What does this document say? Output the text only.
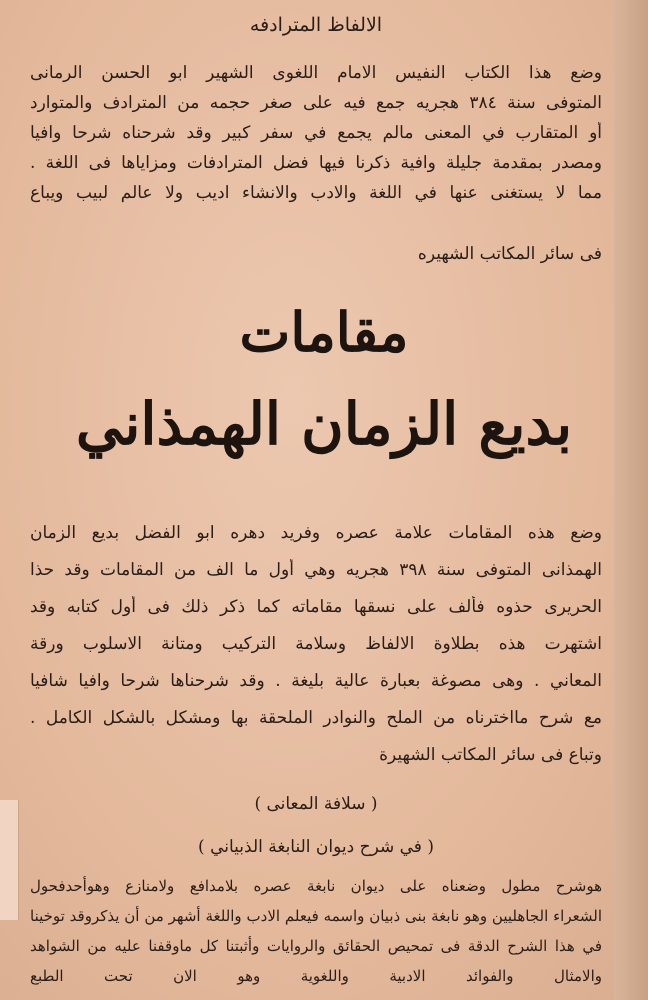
الالفاظ المترادفه
وضع هذا الكتاب النفيس الامام اللغوى الشهير ابو الحسن الرمانى
المتوفى سنة ٣٨٤ هجريه جمع فيه على صغر حجمه من المترادف والمتوارد
أو المتقارب في المعنى مالم يجمع في سفر كبير وقد شرحناه شرحا وافيا
ومصدر بمقدمة جليلة وافية ذكرنا فيها فضل المترادفات ومزاياها فى اللغة .
مما لا يستغنى عنها في اللغة والادب والانشاء اديب ولا عالم لبيب ويباع
فى سائر المكاتب الشهيره
مقامات
بديع الزمان الهمذاني
وضع هذه المقامات علامة عصره وفريد دهره ابو الفضل بديع الزمان
الهمذانى المتوفى سنة ٣٩٨ هجريه وهي أول ما الف من المقامات وقد حذا
الحريرى حذوه فألف على نسقها مقاماته كما ذكر ذلك فى أول كتابه وقد
اشتهرت هذه بطلاوة الالفاظ وسلامة التركيب ومتانة الاسلوب ورقة
المعاني . وهى مصوغة بعبارة عالية بليغة . وقد شرحناها شرحا وافيا شافيا
مع شرح مااخترناه من الملح والنوادر الملحقة بها ومشكل بالشكل الكامل .
وتباع فى سائر المكاتب الشهيرة
( سلافة المعانى )
( في شرح ديوان النابغة الذبياني )
هوشرح مطول وضعناه على ديوان نابغة عصره بلامدافع ولامنازع وهوأحدفحول
الشعراء الجاهليين وهو نابغة بنى ذبيان واسمه فيعلم الادب واللغة أشهر من أن يذكروقد توخينا
في هذا الشرح الدقة فى تمحيص الحقائق والروايات وأثبتنا كل ماوقفنا عليه من الشواهد
والامثال والفوائد الادبية واللغوية وهو الان تحت الطبع
